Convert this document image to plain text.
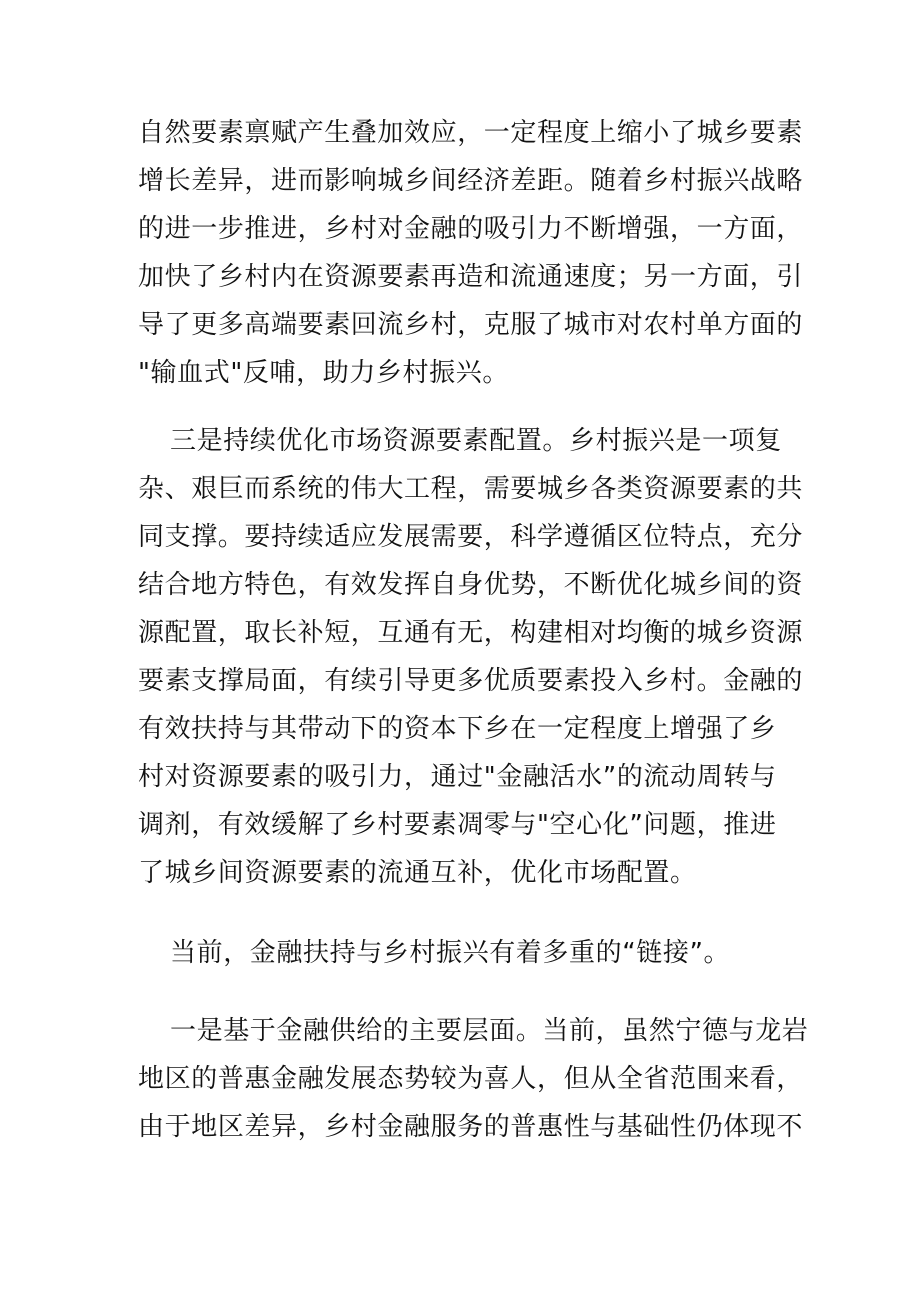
自然要素禀赋产生叠加效应，一定程度上缩小了城乡要素
增长差异，进而影响城乡间经济差距。随着乡村振兴战略
的进一步推进，乡村对金融的吸引力不断增强，一方面，
加快了乡村内在资源要素再造和流通速度；另一方面，引
导了更多高端要素回流乡村，克服了城市对农村单方面的
"输血式"反哺，助力乡村振兴。
三是持续优化市场资源要素配置。乡村振兴是一项复
杂、艰巨而系统的伟大工程，需要城乡各类资源要素的共
同支撑。要持续适应发展需要，科学遵循区位特点，充分
结合地方特色，有效发挥自身优势，不断优化城乡间的资
源配置，取长补短，互通有无，构建相对均衡的城乡资源
要素支撑局面，有续引导更多优质要素投入乡村。金融的
有效扶持与其带动下的资本下乡在一定程度上增强了乡
村对资源要素的吸引力，通过"金融活水”的流动周转与
调剂，有效缓解了乡村要素凋零与"空心化”问题，推进
了城乡间资源要素的流通互补，优化市场配置。
当前，金融扶持与乡村振兴有着多重的“链接”。
一是基于金融供给的主要层面。当前，虽然宁德与龙岩
地区的普惠金融发展态势较为喜人，但从全省范围来看，
由于地区差异，乡村金融服务的普惠性与基础性仍体现不
